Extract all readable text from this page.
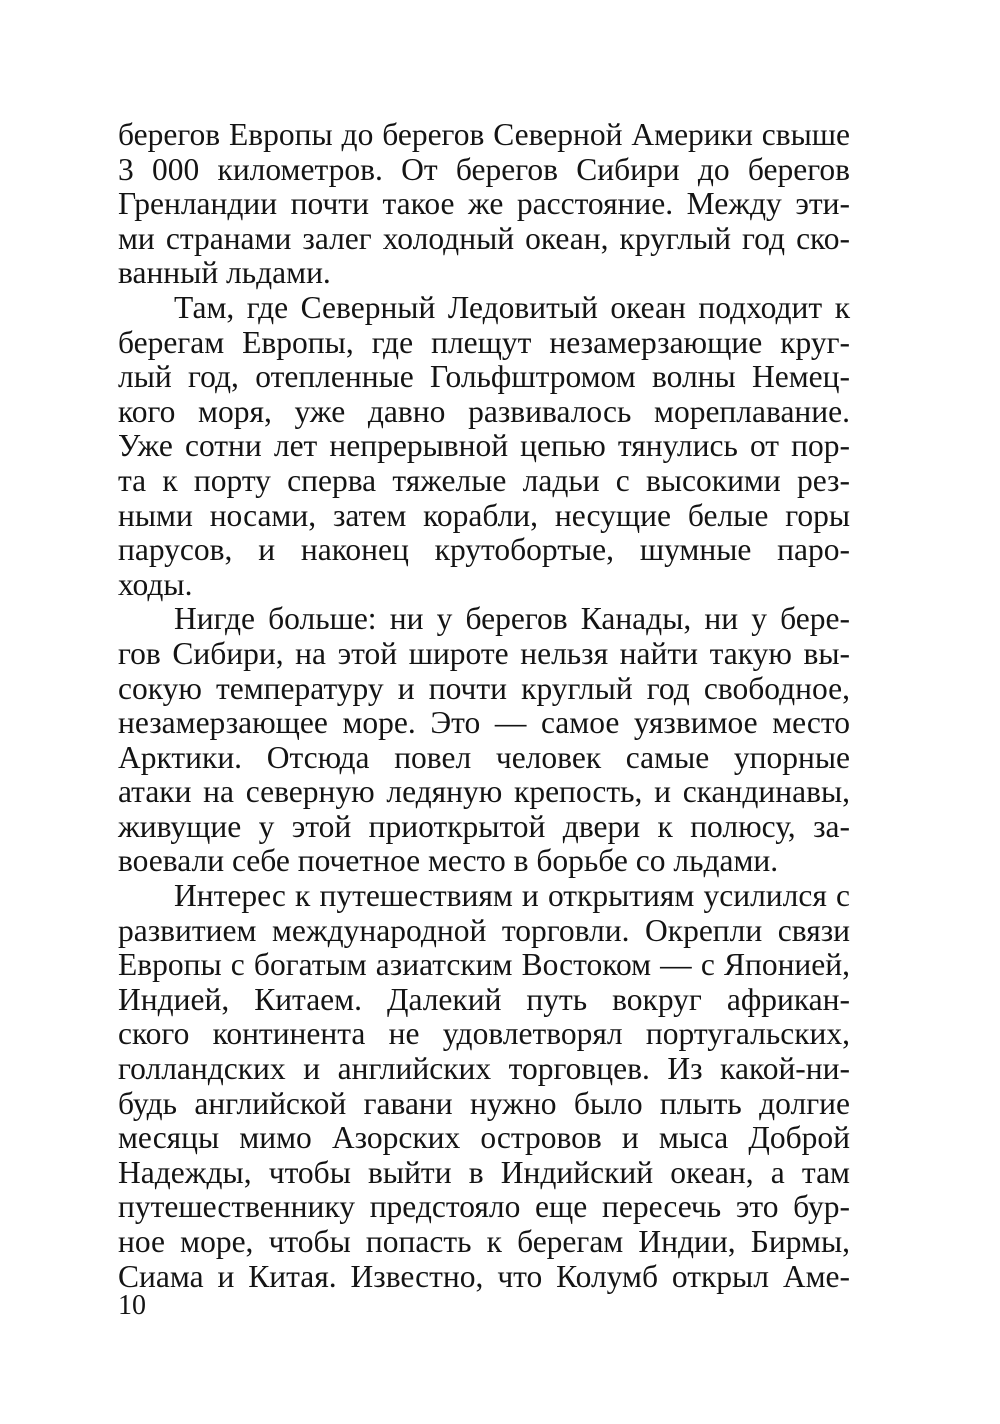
берегов Европы до берегов Северной Америки свыше
3 000 километров. От берегов Сибири до берегов
Гренландии почти такое же расстояние. Между эти-
ми странами залег холодный океан, круглый год ско-
ванный льдами.

Там, где Северный Ледовитый океан подходит к
берегам Европы, где плещут незамерзающие круг-
лый год, отепленные Гольфштромом волны Немец-
кого моря, уже давно развивалось мореплавание.
Уже сотни лет непрерывной цепью тянулись от пор-
та к порту сперва тяжелые ладьи с высокими рез-
ными носами, затем корабли, несущие белые горы
парусов, и наконец крутобортые, шумные паро-
ходы.

Нигде больше: ни у берегов Канады, ни у бере-
гов Сибири, на этой широте нельзя найти такую вы-
сокую температуру и почти круглый год свободное,
незамерзающее море. Это — самое уязвимое место
Арктики. Отсюда повел человек самые упорные
атаки на северную ледяную крепость, и скандинавы,
живущие у этой приоткрытой двери к полюсу, за-
воевали себе почетное место в борьбе со льдами.

Интерес к путешествиям и открытиям усилился с
развитием международной торговли. Окрепли связи
Европы с богатым азиатским Востоком — с Японией,
Индией, Китаем. Далекий путь вокруг африкан-
ского континента не удовлетворял португальских,
голландских и английских торговцев. Из какой-ни-
будь английской гавани нужно было плыть долгие
месяцы мимо Азорских островов и мыса Доброй
Надежды, чтобы выйти в Индийский океан, а там
путешественнику предстояло еще пересечь это бур-
ное море, чтобы попасть к берегам Индии, Бирмы,
Сиама и Китая. Известно, что Колумб открыл Аме-

10
